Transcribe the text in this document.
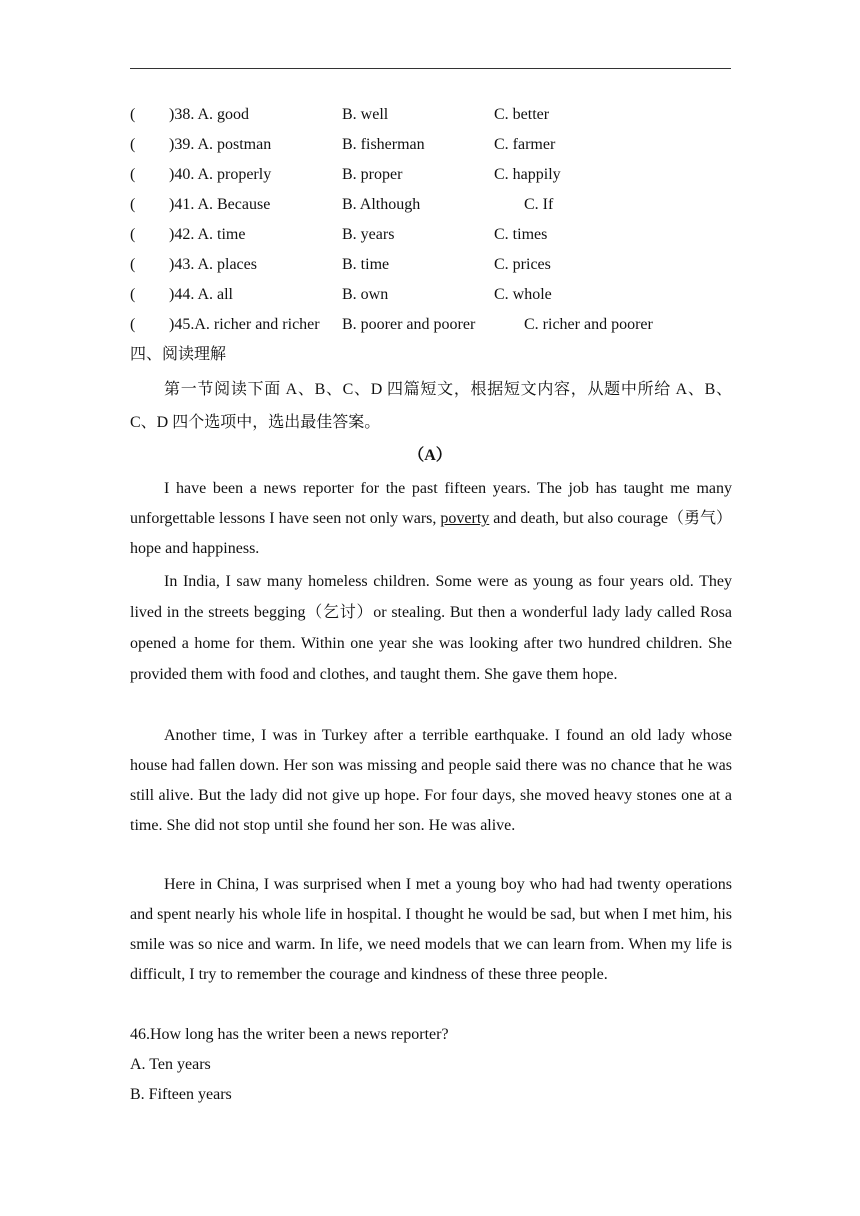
( )38. A. good	B. well	C. better
( )39. A. postman	B. fisherman	C. farmer
( )40. A. properly	B. proper	C. happily
( )41. A. Because	B. Although	C. If
( )42. A. time	B. years	C. times
( )43. A. places	B. time	C. prices
( )44. A. all	B. own	C. whole
( )45.A. richer and richer B. poorer and poorer	C. richer and poorer
四、阅读理解

第一节阅读下面 A、B、C、D 四篇短文，根据短文内容，从题中所给 A、B、C、D 四个选项中，选出最佳答案。

（A）

I have been a news reporter for the past fifteen years. The job has taught me many unforgettable lessons I have seen not only wars, poverty and death, but also courage（勇气）hope and happiness.

In India, I saw many homeless children. Some were as young as four years old. They lived in the streets begging（乞讨）or stealing. But then a wonderful lady lady called Rosa opened a home for them. Within one year she was looking after two hundred children. She provided them with food and clothes, and taught them. She gave them hope.

Another time, I was in Turkey after a terrible earthquake. I found an old lady whose house had fallen down. Her son was missing and people said there was no chance that he was still alive. But the lady did not give up hope. For four days, she moved heavy stones one at a time. She did not stop until she found her son. He was alive.

Here in China, I was surprised when I met a young boy who had had twenty operations and spent nearly his whole life in hospital. I thought he would be sad, but when I met him, his smile was so nice and warm. In life, we need models that we can learn from. When my life is difficult, I try to remember the courage and kindness of these three people.

46.How long has the writer been a news reporter?
A. Ten years
B. Fifteen years
